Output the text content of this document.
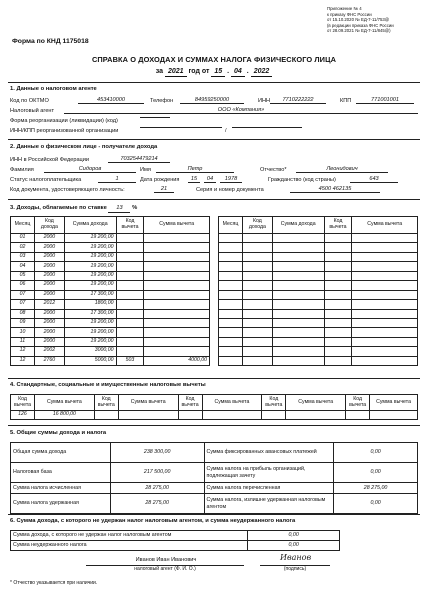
Приложение № 4
к приказу ФНС России
от 15.10.2020 № ЕД-7-11/753@
(в редакции приказа ФНС России
от 28.09.2021 № ЕД-7-11/845@)
Форма по КНД 1175018
СПРАВКА О ДОХОДАХ И СУММАХ НАЛОГА ФИЗИЧЕСКОГО ЛИЦА
за 2021 год от 15 . 04 . 2022
1. Данные о налоговом агенте
Код по ОКТМО	453410000	Телефон	84959250000	ИНН	7710222222	КПП	771001001
Налоговый агент	ООО «Компания»
Форма реорганизации (ликвидации) (код)
ИНН/КПП реорганизованной организации	/
2. Данные о физическом лице - получателе дохода
ИНН в Российской Федерации	703254479214
Фамилия	Сидоров	Имя	Петр	Отчество*	Леонидович
Статус налогоплательщика	1	Дата рождения	15	04	1978	Гражданство (код страны)	643
Код документа, удостоверяющего личность:	21	Серия и номер документа	4500 462135
3. Доходы, облагаемые по ставке 13 %
Месяц	Код дохода	Сумма дохода	Код вычета	Сумма вычета
01	2000	19 200,00		
02	2000	19 200,00		
03	2000	19 200,00		
04	2000	19 200,00		
05	2000	19 200,00		
06	2000	19 200,00		
07	2000	17 300,00		
07	2012	1800,00		
08	2000	17 300,00		
09	2000	19 200,00		
10	2000	19 200,00		
11	2000	19 200,00		
12	2002	3000,00		
12	2760	5000,00	503	4000,00
Месяц	Код дохода	Сумма дохода	Код вычета	Сумма вычета

4. Стандартные, социальные и имущественные налоговые вычеты
Код вычета	Сумма вычета	Код вычета	Сумма вычета	Код вычета	Сумма вычета	Код вычета	Сумма вычета	Код вычета	Сумма вычета
126	16 800,00								
5. Общие суммы дохода и налога
Общая сумма дохода	238 300,00	Сумма фиксированных авансовых платежей	0,00
Налоговая база	217 500,00	Сумма налога на прибыль организаций, подлежащая зачету	0,00
Сумма налога исчисленная	28 275,00	Сумма налога перечисленная	28 275,00
Сумма налога удержанная	28 275,00	Сумма налога, излишне удержанная налоговым агентом	0,00
6. Сумма дохода, с которого не удержан налог налоговым агентом, и сумма неудержанного налога
Сумма дохода, с которого не удержан налог налоговым агентом	0,00
Сумма неудержанного налога	0,00
Иванов Иван Иванович
налоговый агент (Ф. И. О.)
Иванов
(подпись)
* Отчество указывается при наличии.
